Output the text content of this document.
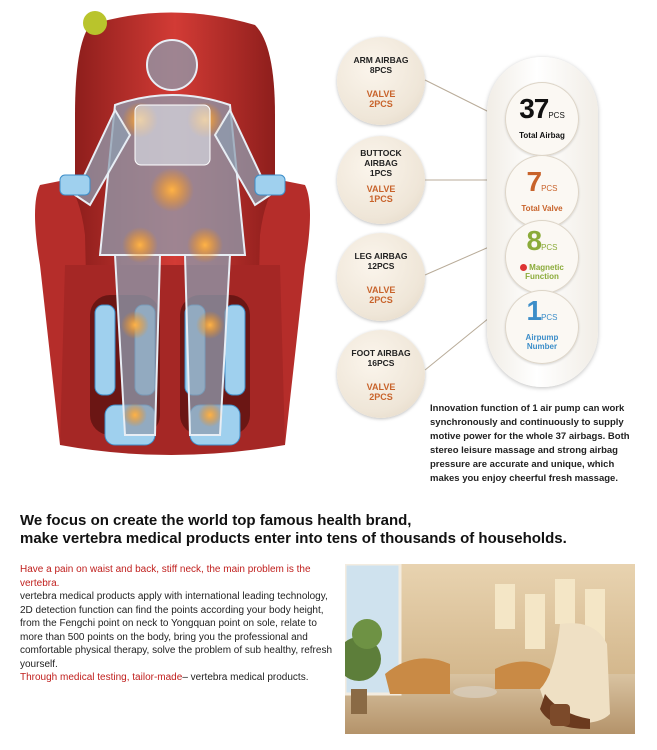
ARM AIRBAG
8PCS
VALVE
2PCS
BUTTOCK
AIRBAG
1PCS
VALVE
1PCS
LEG AIRBAG
12PCS
VALVE
2PCS
FOOT AIRBAG
16PCS
VALVE
2PCS
37PCS
Total Airbag
7PCS
Total Valve
8PCS
Magnetic
Function
1PCS
Airpump
Number
Innovation function of 1 air pump can work synchronously and continuously to supply motive power for the whole 37 airbags. Both stereo leisure massage and strong airbag pressure are accurate and unique, which makes you enjoy cheerful fresh massage.
We focus on create the world top famous health brand,
make vertebra medical products enter into tens of thousands of households.
Have a pain on waist and back, stiff neck, the main problem is the vertebra.
vertebra medical products apply with international leading technology, 2D detection function can find the points according your body height, from the Fengchi point on neck to Yongquan point on sole, relate to more than 500 points on the body, bring you the professional and comfortable physical therapy, solve the problem of sub healthy, refresh yourself.
Through medical testing, tailor-made– vertebra medical products.
